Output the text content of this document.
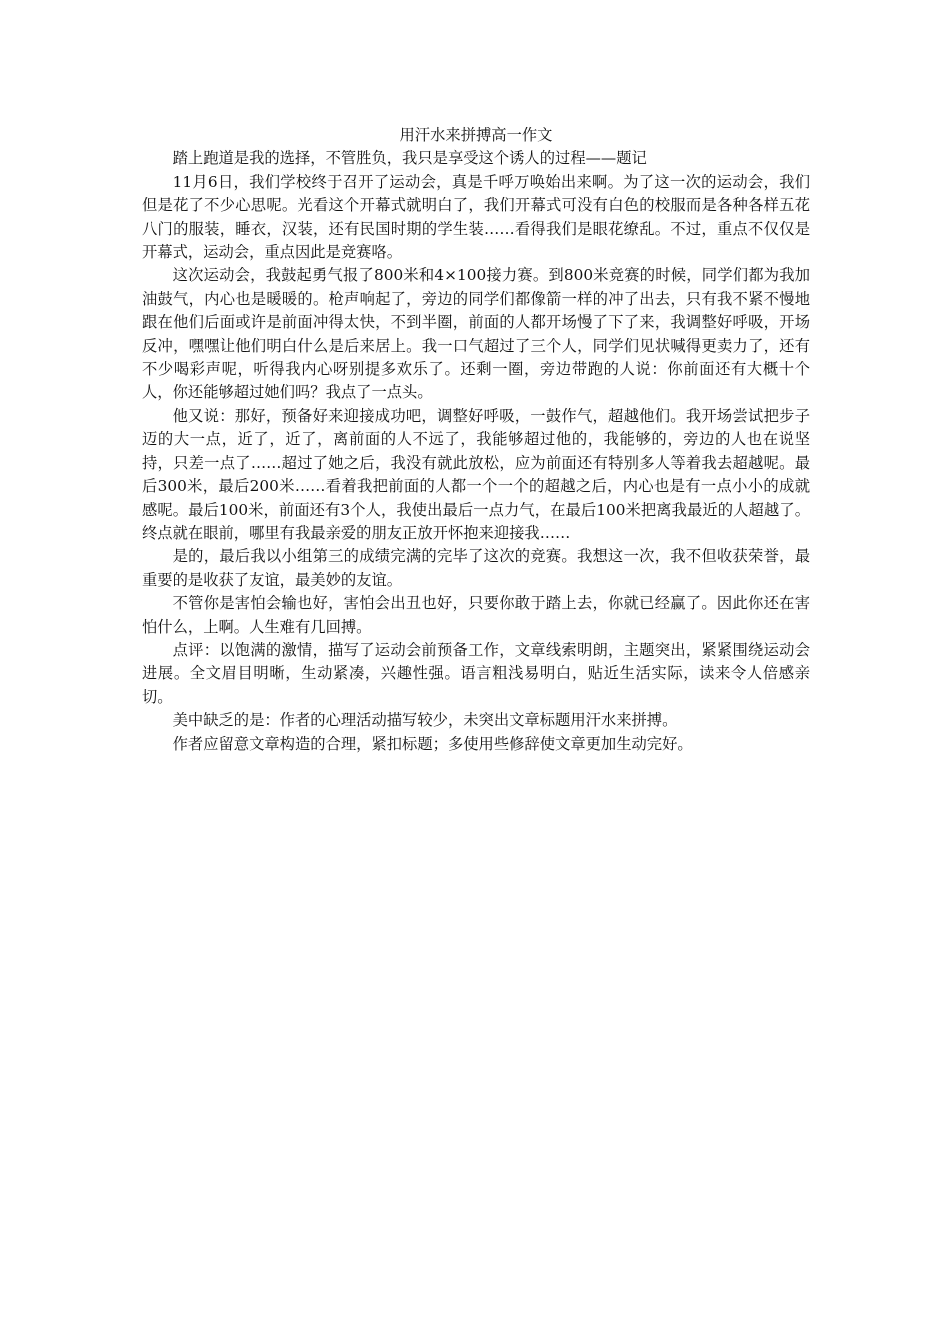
用汗水来拼搏高一作文

踏上跑道是我的选择，不管胜负，我只是享受这个诱人的过程——题记

11月6日，我们学校终于召开了运动会，真是千呼万唤始出来啊。为了这一次的运动会，我们但是花了不少心思呢。光看这个开幕式就明白了，我们开幕式可没有白色的校服而是各种各样五花八门的服装，睡衣，汉装，还有民国时期的学生装……看得我们是眼花缭乱。不过，重点不仅仅是开幕式，运动会，重点因此是竞赛咯。

这次运动会，我鼓起勇气报了800米和4×100接力赛。到800米竞赛的时候，同学们都为我加油鼓气，内心也是暖暖的。枪声响起了，旁边的同学们都像箭一样的冲了出去，只有我不紧不慢地跟在他们后面或许是前面冲得太快，不到半圈，前面的人都开场慢了下了来，我调整好呼吸，开场反冲，嘿嘿让他们明白什么是后来居上。我一口气超过了三个人，同学们见状喊得更卖力了，还有不少喝彩声呢，听得我内心呀别提多欢乐了。还剩一圈，旁边带跑的人说：你前面还有大概十个人，你还能够超过她们吗？我点了一点头。

他又说：那好，预备好来迎接成功吧，调整好呼吸，一鼓作气，超越他们。我开场尝试把步子迈的大一点，近了，近了，离前面的人不远了，我能够超过他的，我能够的，旁边的人也在说坚持，只差一点了……超过了她之后，我没有就此放松，应为前面还有特别多人等着我去超越呢。最后300米，最后200米……看着我把前面的人都一个一个的超越之后，内心也是有一点小小的成就感呢。最后100米，前面还有3个人，我使出最后一点力气，在最后100米把离我最近的人超越了。终点就在眼前，哪里有我最亲爱的朋友正放开怀抱来迎接我……

是的，最后我以小组第三的成绩完满的完毕了这次的竞赛。我想这一次，我不但收获荣誉，最重要的是收获了友谊，最美妙的友谊。

不管你是害怕会输也好，害怕会出丑也好，只要你敢于踏上去，你就已经赢了。因此你还在害怕什么，上啊。人生难有几回搏。

点评：以饱满的激情，描写了运动会前预备工作，文章线索明朗，主题突出，紧紧围绕运动会进展。全文眉目明晰，生动紧凑，兴趣性强。语言粗浅易明白，贴近生活实际，读来令人倍感亲切。

美中缺乏的是：作者的心理活动描写较少，未突出文章标题用汗水来拼搏。

作者应留意文章构造的合理，紧扣标题；多使用些修辞使文章更加生动完好。
